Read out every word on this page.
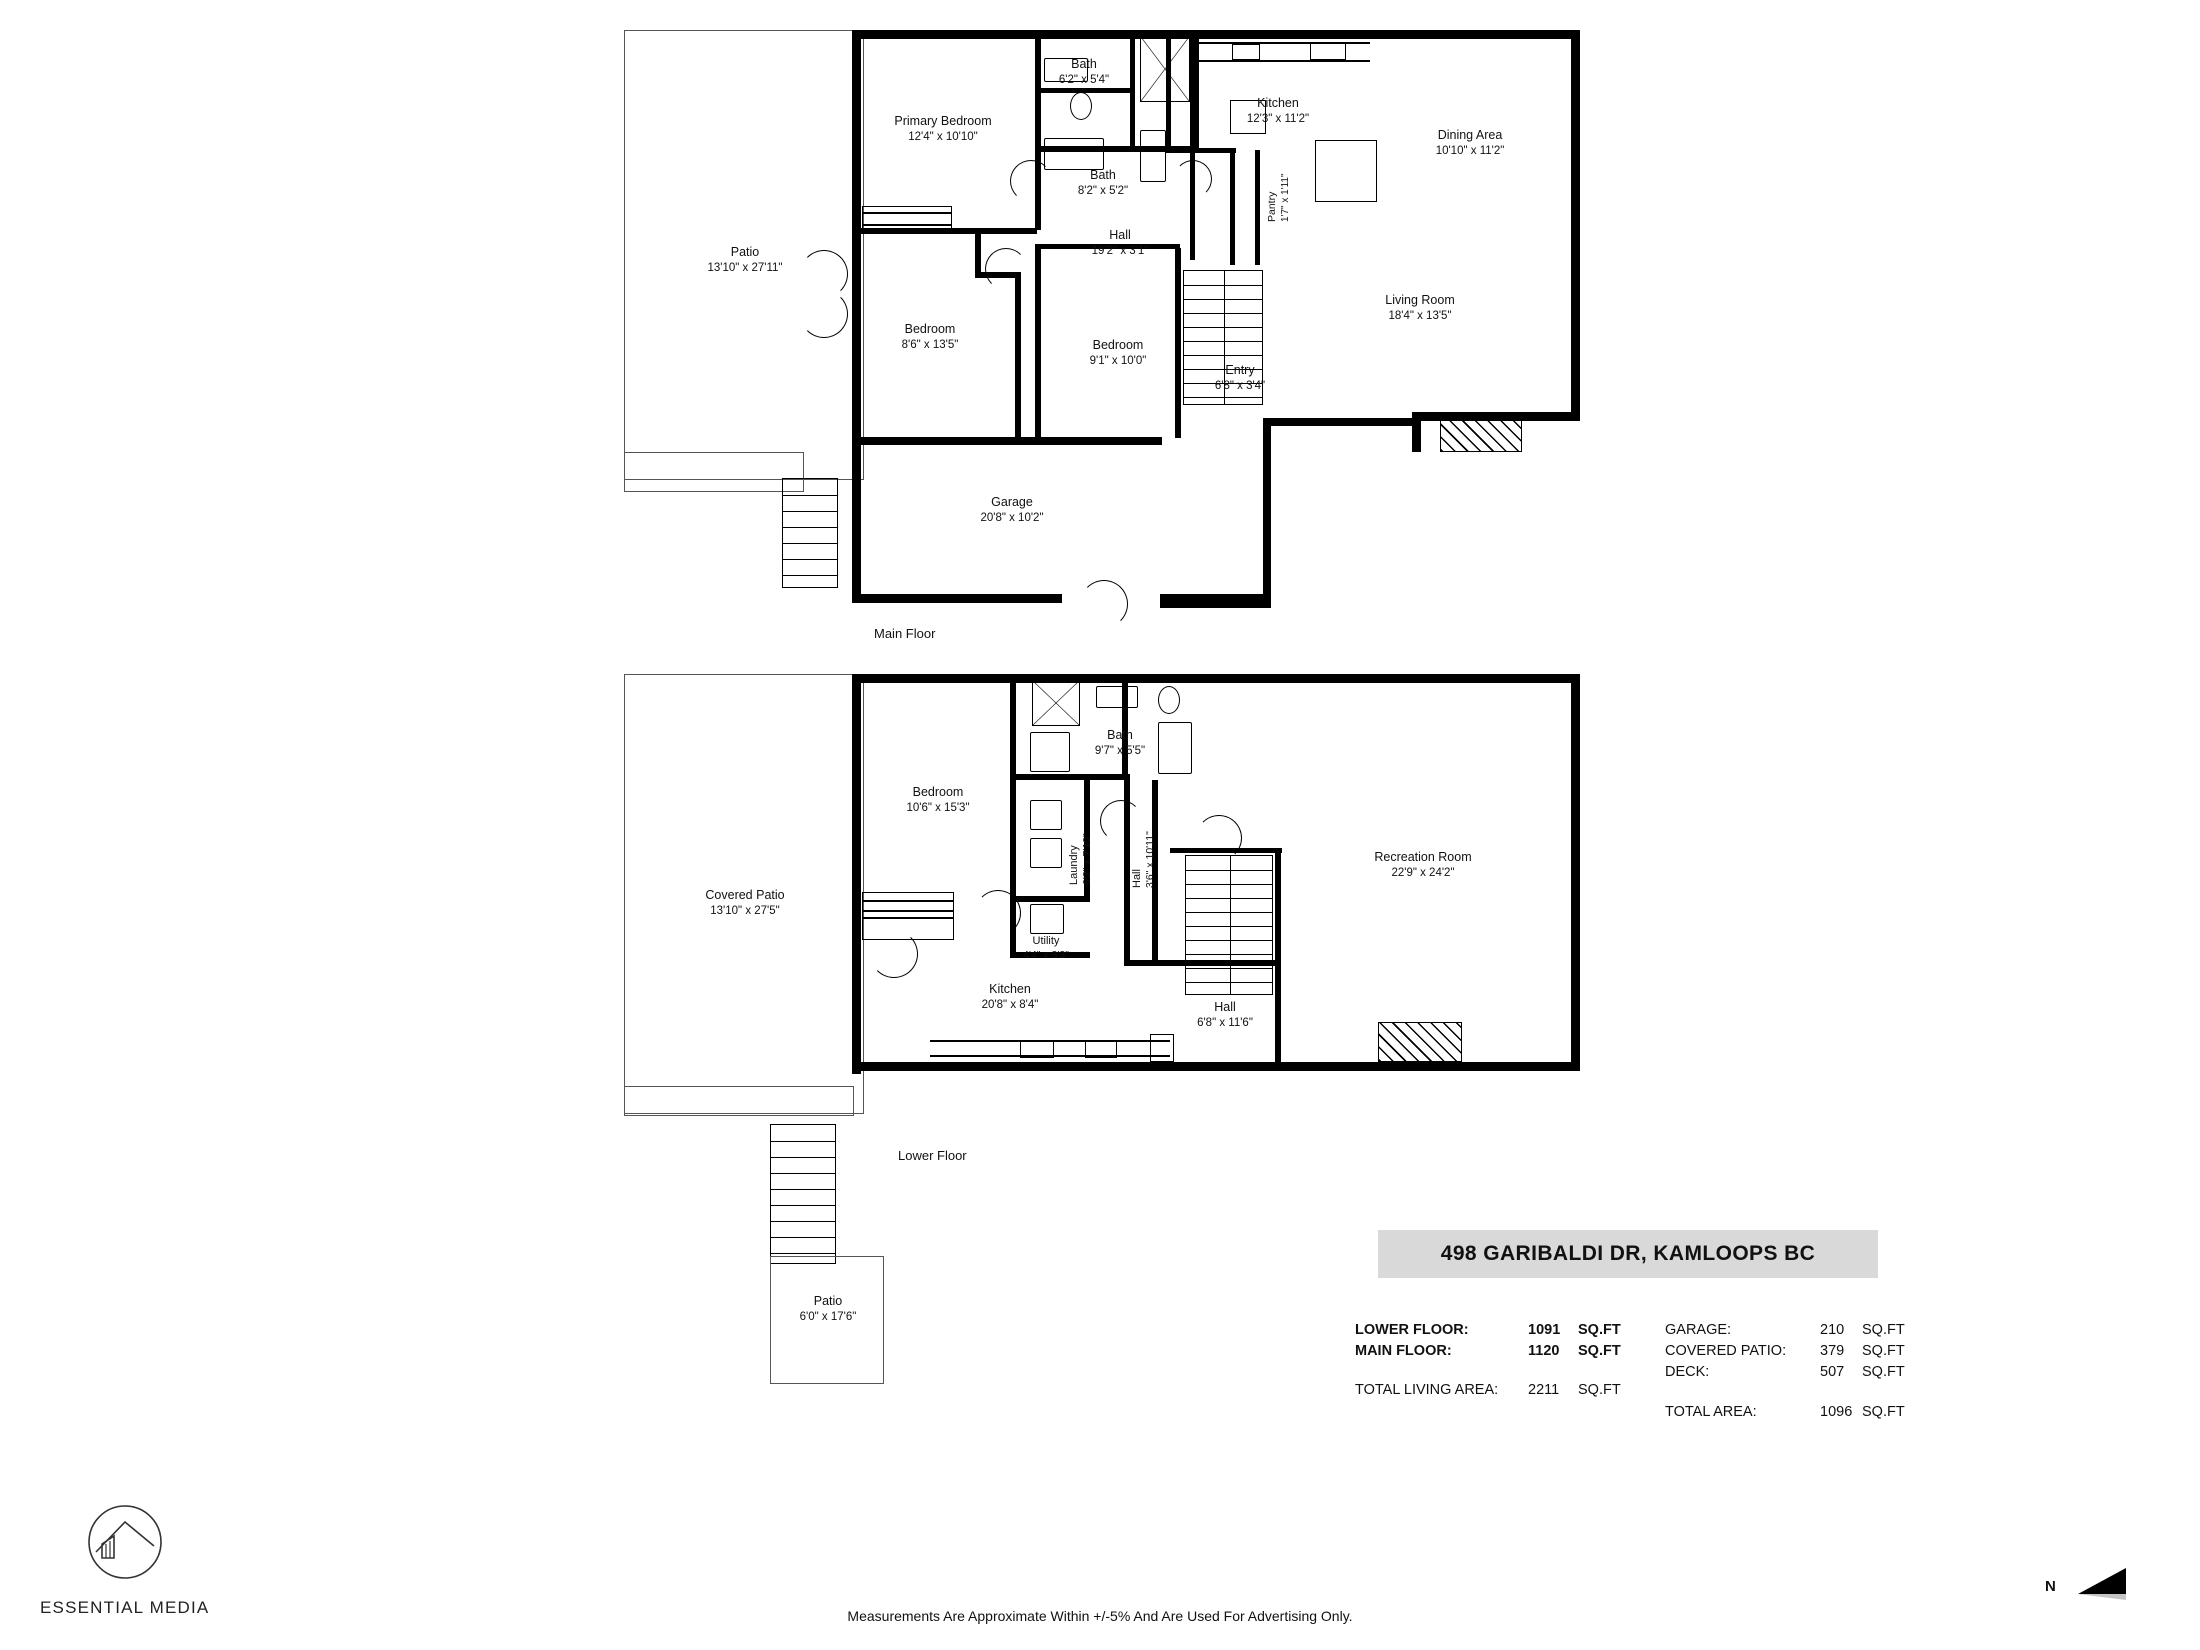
Patio
13'10" x 27'11"
Primary Bedroom
12'4" x 10'10"
Bath
6'2" x 5'4"
Bath
8'2" x 5'2"
Kitchen
12'3" x 11'2"
Dining Area
10'10" x 11'2"
Pantry 1'7" x 1'11"
Hall
19'2" x 3'1"
Living Room
18'4" x 13'5"
Bedroom
8'6" x 13'5"	Bedroom
9'1" x 10'0"
Entry
6'8" x 3'4"
Garage
20'8" x 10'2"
Main Floor
Covered Patio
13'10" x 27'5"
Bedroom
10'6" x 15'3"
Bath
9'7" x 5'5"
Laundry 6'2" x 7'10"
Utility
4'4" x 3'3"
Hall 3'6" x 10'11"
Hall
6'8" x 11'6"
Kitchen
20'8" x 8'4"
Recreation Room
22'9" x 24'2"
Patio
6'0" x 17'6"
Lower Floor
498 GARIBALDI DR, KAMLOOPS BC
LOWER FLOOR:	1091 SQ.FT
MAIN FLOOR:	1120 SQ.FT
TOTAL LIVING AREA: 2211 SQ.FT
GARAGE:	210 SQ.FT
COVERED PATIO: 379 SQ.FT
DECK:	507 SQ.FT
TOTAL AREA:	1096 SQ.FT
ESSENTIAL MEDIA	Measurements Are Approximate Within +/-5% And Are Used For Advertising Only.
N
